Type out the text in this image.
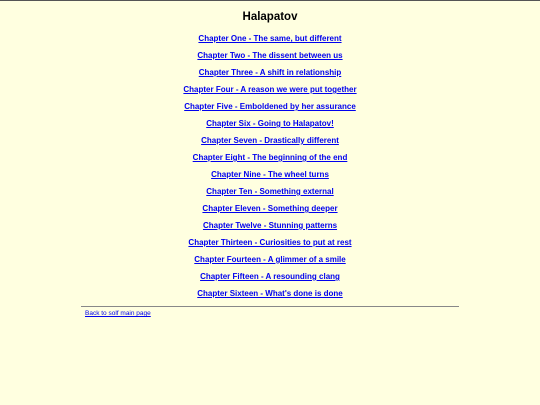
Halapatov
Chapter One - The same, but different
Chapter Two - The dissent between us
Chapter Three - A shift in relationship
Chapter Four - A reason we were put together
Chapter Five - Emboldened by her assurance
Chapter Six - Going to Halapatov!
Chapter Seven - Drastically different
Chapter Eight - The beginning of the end
Chapter Nine - The wheel turns
Chapter Ten - Something external
Chapter Eleven - Something deeper
Chapter Twelve - Stunning patterns
Chapter Thirteen - Curiosities to put at rest
Chapter Fourteen - A glimmer of a smile
Chapter Fifteen - A resounding clang
Chapter Sixteen - What's done is done
Back to solf main page
